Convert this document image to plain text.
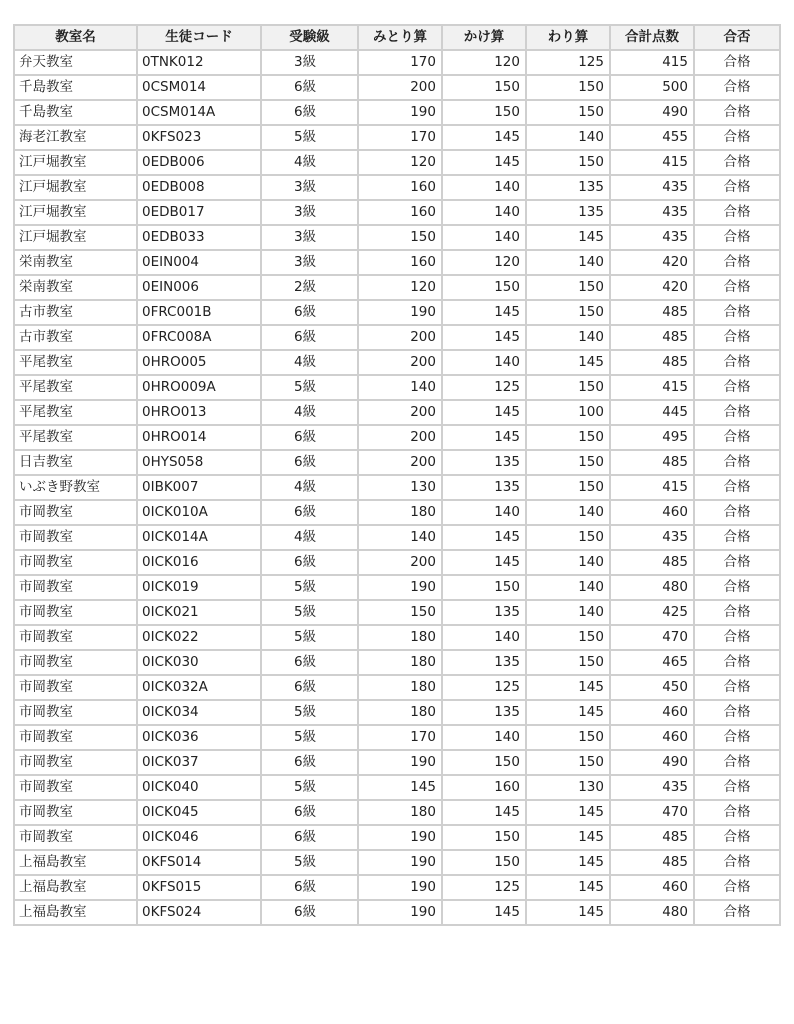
教室名	生徒コード	受験級	みとり算	かけ算	わり算	合計点数	合否
弁天教室	0TNK012	3級	170	120	125	415	合格
千島教室	0CSM014	6級	200	150	150	500	合格
千島教室	0CSM014A	6級	190	150	150	490	合格
海老江教室	0KFS023	5級	170	145	140	455	合格
江戸堀教室	0EDB006	4級	120	145	150	415	合格
江戸堀教室	0EDB008	3級	160	140	135	435	合格
江戸堀教室	0EDB017	3級	160	140	135	435	合格
江戸堀教室	0EDB033	3級	150	140	145	435	合格
栄南教室	0EIN004	3級	160	120	140	420	合格
栄南教室	0EIN006	2級	120	150	150	420	合格
古市教室	0FRC001B	6級	190	145	150	485	合格
古市教室	0FRC008A	6級	200	145	140	485	合格
平尾教室	0HRO005	4級	200	140	145	485	合格
平尾教室	0HRO009A	5級	140	125	150	415	合格
平尾教室	0HRO013	4級	200	145	100	445	合格
平尾教室	0HRO014	6級	200	145	150	495	合格
日吉教室	0HYS058	6級	200	135	150	485	合格
いぶき野教室	0IBK007	4級	130	135	150	415	合格
市岡教室	0ICK010A	6級	180	140	140	460	合格
市岡教室	0ICK014A	4級	140	145	150	435	合格
市岡教室	0ICK016	6級	200	145	140	485	合格
市岡教室	0ICK019	5級	190	150	140	480	合格
市岡教室	0ICK021	5級	150	135	140	425	合格
市岡教室	0ICK022	5級	180	140	150	470	合格
市岡教室	0ICK030	6級	180	135	150	465	合格
市岡教室	0ICK032A	6級	180	125	145	450	合格
市岡教室	0ICK034	5級	180	135	145	460	合格
市岡教室	0ICK036	5級	170	140	150	460	合格
市岡教室	0ICK037	6級	190	150	150	490	合格
市岡教室	0ICK040	5級	145	160	130	435	合格
市岡教室	0ICK045	6級	180	145	145	470	合格
市岡教室	0ICK046	6級	190	150	145	485	合格
上福島教室	0KFS014	5級	190	150	145	485	合格
上福島教室	0KFS015	6級	190	125	145	460	合格
上福島教室	0KFS024	6級	190	145	145	480	合格
